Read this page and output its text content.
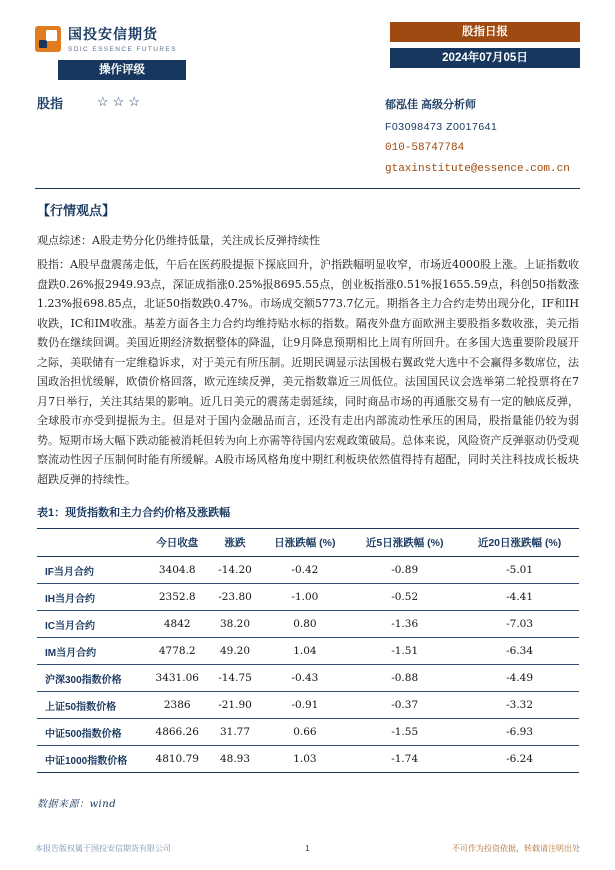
国投安信期货
SDIC ESSENCE FUTURES
股指日报
2024年07月05日
操作评级
股指	☆☆☆	郁泓佳 高级分析师
F03098473 Z0017641
010-58747784
gtaxinstitute@essence.com.cn
【行情观点】

观点综述：A股走势分化仍维持低量，关注成长反弹持续性

股指：A股早盘震荡走低，午后在医药股提振下探底回升，沪指跌幅明显收窄，市场近4000股上涨。上证指数收盘跌0.26%报2949.93点，深证成指涨0.25%报8695.55点，创业板指涨0.51%报1655.59点，科创50指数涨1.23%报698.85点，北证50指数跌0.47%。市场成交额5773.7亿元。期指各主力合约走势出现分化，IF和IH收跌，IC和IM收涨。基差方面各主力合约均维持贴水标的指数。隔夜外盘方面欧洲主要股指多数收涨，美元指数仍在继续回调。美国近期经济数据整体的降温，让9月降息预期相比上周有所回升。在多国大选重要阶段展开之际，美联储有一定维稳诉求，对于美元有所压制。近期民调显示法国极右翼政党大选中不会赢得多数席位，法国政治担忧缓解，欧债价格回落，欧元连续反弹，美元指数靠近三周低位。法国国民议会选举第二轮投票将在7月7日举行，关注其结果的影响。近几日美元的震荡走弱延续，同时商品市场的再通胀交易有一定的触底反弹，全球股市亦受到提振为主。但是对于国内金融品而言，还没有走出内部流动性承压的困局，股指量能仍较为弱势。短期市场大幅下跌动能被消耗但转为向上亦需等待国内宏观政策破局。总体来说，风险资产反弹驱动仍受观察流动性因子压制何时能有所缓解。A股市场风格角度中期红利板块依然值得持有超配，同时关注科技成长板块超跌反弹的持续性。

表1：现货指数和主力合约价格及涨跌幅
	今日收盘	涨跌	日涨跌幅 (%)	近5日涨跌幅 (%)	近20日涨跌幅 (%)
IF当月合约	3404.8	-14.20	-0.42	-0.89	-5.01
IH当月合约	2352.8	-23.80	-1.00	-0.52	-4.41
IC当月合约	4842	38.20	0.80	-1.36	-7.03
IM当月合约	4778.2	49.20	1.04	-1.51	-6.34
沪深300指数价格	3431.06	-14.75	-0.43	-0.88	-4.49
上证50指数价格	2386	-21.90	-0.91	-0.37	-3.32
中证500指数价格	4866.26	31.77	0.66	-1.55	-6.93
中证1000指数价格	4810.79	48.93	1.03	-1.74	-6.24

数据来源：wind

本报告版权属于国投安信期货有限公司	1	不可作为投资依据，转载请注明出处
